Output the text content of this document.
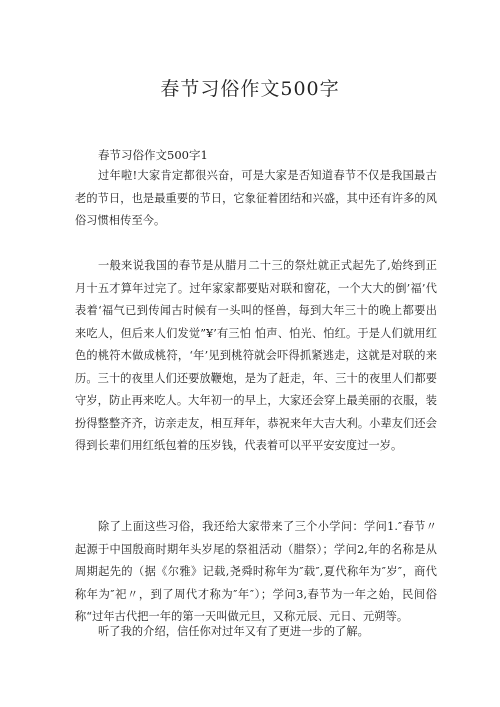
春节习俗作文500字
春节习俗作文500字1

过年啦!大家肯定都很兴奋，可是大家是否知道春节不仅是我国最古老的节日，也是最重要的节日，它象征着团结和兴盛，其中还有许多的风俗习惯相传至今。

一般来说我国的春节是从腊月二十三的祭灶就正式起先了,始终到正月十五才算年过完了。过年家家都要贴对联和窗花，一个大大的倒’福’代表着‘福气已到传闻古时候有一头叫的怪兽，每到大年三十的晚上都要出来吃人，但后来人们发觉”¥’有三怕 怕声、怕光、怕红。于是人们就用红色的桃符木做成桃符，‘年’见到桃符就会吓得抓紧逃走，这就是对联的来历。三十的夜里人们还要放鞭炮，是为了赶走，年、三十的夜里人们都要守岁，防止再来吃人。大年初一的早上，大家还会穿上最美丽的衣服，装扮得整整齐齐，访亲走友，相互拜年，恭祝来年大吉大利。小辈友们还会得到长辈们用红纸包着的压岁钱，代表着可以平平安安度过一岁。

除了上面这些习俗，我还给大家带来了三个小学问：学问1.″春节〃起源于中国殷商时期年头岁尾的祭祖活动（腊祭）；学问2,年的名称是从周期起先的（据《尔雅》记载,尧舜时称年为″载″,夏代称年为″岁″，商代称年为″祀〃，到了周代才称为″年″）；学问3,春节为一年之始，民间俗称“过年古代把一年的第一天叫做元旦，又称元辰、元日、元朔等。

听了我的介绍，信任你对过年又有了更进一步的了解。
